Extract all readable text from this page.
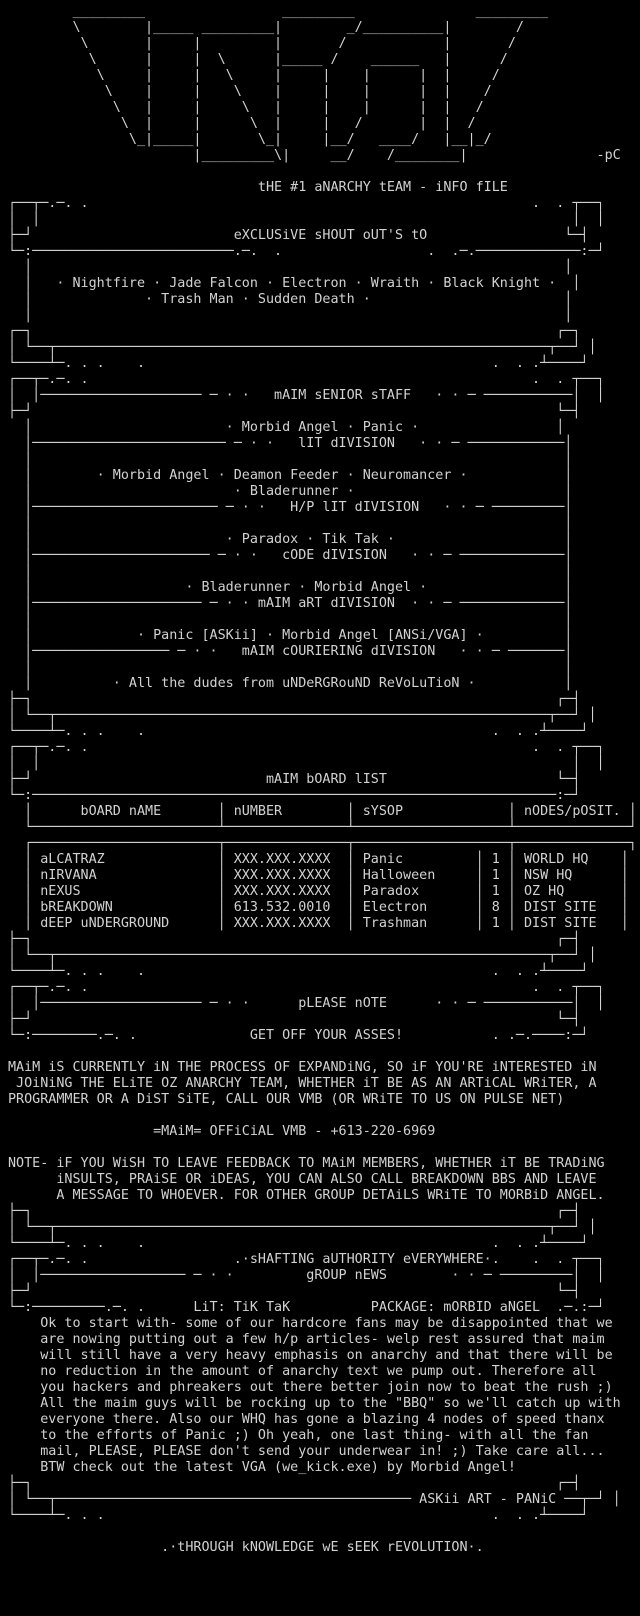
_________                 _________               _________
\        |_____ _________|        _/__________|        /
\       |     |         |       /            |       /
\      |     |  \      |_____ /    ______   |      /
\     |     |   \     |     |    |      |  |     /
\    |     |    \    |     |    |      |  |    /
\   |     |     \   |     |    |      |  |   /
\  |     |      \  |     |   /       |  |  /
\_|_____|       \_|     |__/   ____/   |__|_/
|_________\|     __/    /________|                -pC
tHE #1 aNARCHY tEAM - iNFO fILE
┌──┬─.─. .                                                       .  . ┬──┐
│  │                                                                  │  │
├─┘                         eXCLUSiVE sHOUT oUT'S tO                 └─┤
└─:─────────────────────────.─.  .                  .  .─.─────────────:─┘
│                                                                  │
│   · Nightfire · Jade Falcon · Electron · Wraith · Black Knight ·  │
│              · Trash Man · Sudden Death ·                        │
│                                                                  │
┌─┐                                                                 ┌─┐
│ └──┬─────────────────────────────────────────────────────────────┬──┘ │
└────┴─. . .    .                                           .  . .┴────┘
┌──┬─.─. .                                                       .  . ┬──┐
│  │──────────────────── ─ · ·   mAIM sENIOR sTAFF   · · ─ ───────────│  │
├─┘                                                                 └─┤
│                        · Morbid Angel · Panic ·                 │
│──────────────────────── ─ · ·   lIT dIVISION   · · ─ ────────────│
│                                                                  │
│        · Morbid Angel · Deamon Feeder · Neuromancer ·            │
│                         · Bladerunner ·                          │
│─────────────────────── ─ · ·   H/P lIT dIVISION   · · ─ ─────────│
│                                                                  │
│                        · Paradox · Tik Tak ·                     │
│────────────────────── ─ · ·   cODE dIVISION   · · ─ ─────────────│
│                                                                  │
│                   · Bladerunner · Morbid Angel ·                 │
│───────────────────── ─ · · mAIM aRT dIVISION  · · ─ ─────────────│
│                                                                  │
│             · Panic [ASKii] · Morbid Angel [ANSi/VGA] ·          │
│───────────────── ─ · ·   mAIM cOURIERING dIVISION   · · ─ ───────│
│                                                                  │
│          · All the dudes from uNDeRGRouND ReVoLuTioN ·           │
├─┐                                                                 ┌─┤
│ └──┬─────────────────────────────────────────────────────────────┬──┘ │
└────┴─. . .    .                                           .  . .┴────┘
┌──┬─.─. .                                                       .  . ┬──┐
│  │                                                                  │  │
├─┘                             mAIM bOARD lIST                     └─┤
└─:─────────────────────────────────────────────────────────────────:─┘
│      bOARD nAME       │ nUMBER        │ sYSOP             │ nODES/pOSIT. │
└───────────────────────┴───────────────┴───────────────────┴──────────────┘
┌───────────────────────┬───────────────┬───────────────────┬──────────────┐
│ aLCATRAZ              │ XXX.XXX.XXXX  │ Panic         │ 1 │ WORLD HQ    │
│ nIRVANA               │ XXX.XXX.XXXX  │ Halloween     │ 1 │ NSW HQ      │
│ nEXUS                 │ XXX.XXX.XXXX  │ Paradox       │ 1 │ OZ HQ       │
│ bREAKDOWN             │ 613.532.0010  │ Electron      │ 8 │ DIST SITE   │
│ dEEP uNDERGROUND      │ XXX.XXX.XXXX  │ Trashman      │ 1 │ DIST SITE   │
├─┐                                                                 ┌─┤
│ └──┬─────────────────────────────────────────────────────────────┬──┘ │
└────┴─. . .    .                                           .  . .┴────┘
┌──┬─.─. .                                                       .  . ┬──┐
│  │──────────────────── ─ · ·      pLEASE nOTE      · · ─ ───────────│  │
├─┘                                                                 └─┤
└─:────────.─. .              GET OFF YOUR ASSES!           . .─.────:─┘
MAiM iS CURRENTLY iN THE PROCESS OF EXPANDiNG, SO iF YOU'RE iNTERESTED iN
JOiNiNG THE ELiTE OZ ANARCHY TEAM, WHETHER iT BE AS AN ARTiCAL WRiTER, A
PROGRAMMER OR A DiST SiTE, CALL OUR VMB (OR WRiTE TO US ON PULSE NET)
=MAiM= OFFiCiAL VMB - +613-220-6969
NOTE- iF YOU WiSH TO LEAVE FEEDBACK TO MAiM MEMBERS, WHETHER iT BE TRADiNG
iNSULTS, PRAiSE OR iDEAS, YOU CAN ALSO CALL BREAKDOWN BBS AND LEAVE
A MESSAGE TO WHOEVER. FOR OTHER GROUP DETAiLS WRiTE TO MORBiD ANGEL.
├─┐                                                                 ┌─┤
│ └──┬─────────────────────────────────────────────────────────────┬──┘ │
└────┴─. . .    .                                           .  . .┴────┘
┌──┬─.─. .                  .·sHAFTING aUTHORITY eVERYWHERE·.    .  . ┬──┐
│  │────────────────── ─ · ·         gROUP nEWS        · · ─ ─────────│  │
├─┘                                                                 └─┤
└─:─────────.─. .      LiT: TiK TaK          PACKAGE: mORBID aNGEL  .─.:─┘
Ok to start with- some of our hardcore fans may be disappointed that we
are nowing putting out a few h/p articles- welp rest assured that maim
will still have a very heavy emphasis on anarchy and that there will be
no reduction in the amount of anarchy text we pump out. Therefore all
you hackers and phreakers out there better join now to beat the rush ;)
All the maim guys will be rocking up to the "BBQ" so we'll catch up with
everyone there. Also our WHQ has gone a blazing 4 nodes of speed thanx
to the efforts of Panic ;) Oh yeah, one last thing- with all the fan
mail, PLEASE, PLEASE don't send your underwear in! ;) Take care all...
BTW check out the latest VGA (we_kick.exe) by Morbid Angel!
├─┐                                                                 ┌─┤
│ └──┬──────────────────────────────────────────── ASKii ART - PANiC ──┬─┘ │
└────┴─. . .                                                .  . .┴────┘
.·tHROUGH kNOWLEDGE wE sEEK rEVOLUTION·.
